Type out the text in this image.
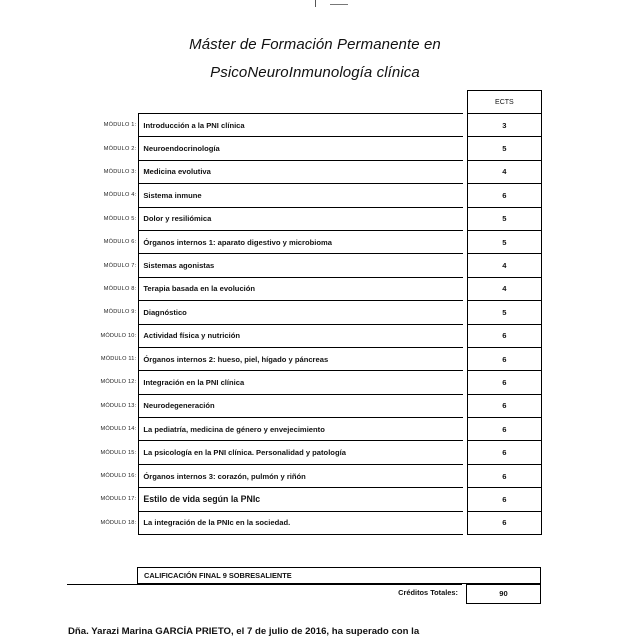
Máster de Formación Permanente en
PsicoNeuroInmunología clínica
			ECTS
MÓDULO 1:	Introducción a la PNI clínica		3
MÓDULO 2:	Neuroendocrinología		5
MÓDULO 3:	Medicina evolutiva		4
MÓDULO 4:	Sistema inmune		6
MÓDULO 5:	Dolor y resiliómica		5
MÓDULO 6:	Órganos internos 1: aparato digestivo y microbioma		5
MÓDULO 7:	Sistemas agonistas		4
MÓDULO 8:	Terapia basada en la evolución		4
MÓDULO 9:	Diagnóstico		5
MÓDULO 10:	Actividad física y nutrición		6
MÓDULO 11:	Órganos internos 2: hueso, piel, hígado y páncreas		6
MÓDULO 12:	Integración en la PNI clínica		6
MÓDULO 13:	Neurodegeneración		6
MÓDULO 14:	La pediatría, medicina de género y envejecimiento		6
MÓDULO 15:	La psicología en la PNI clínica. Personalidad y patología		6
MÓDULO 16:	Órganos internos 3: corazón, pulmón y riñón		6
MÓDULO 17:	Estilo de vida según la PNIc		6
MÓDULO 18:	La integración de la PNIc en la sociedad.		6
CALIFICACIÓN FINAL 9 SOBRESALIENTE
Créditos Totales:	90
Dña. Yarazi Marina GARCÍA PRIETO, el 7 de julio de 2016, ha superado con la
